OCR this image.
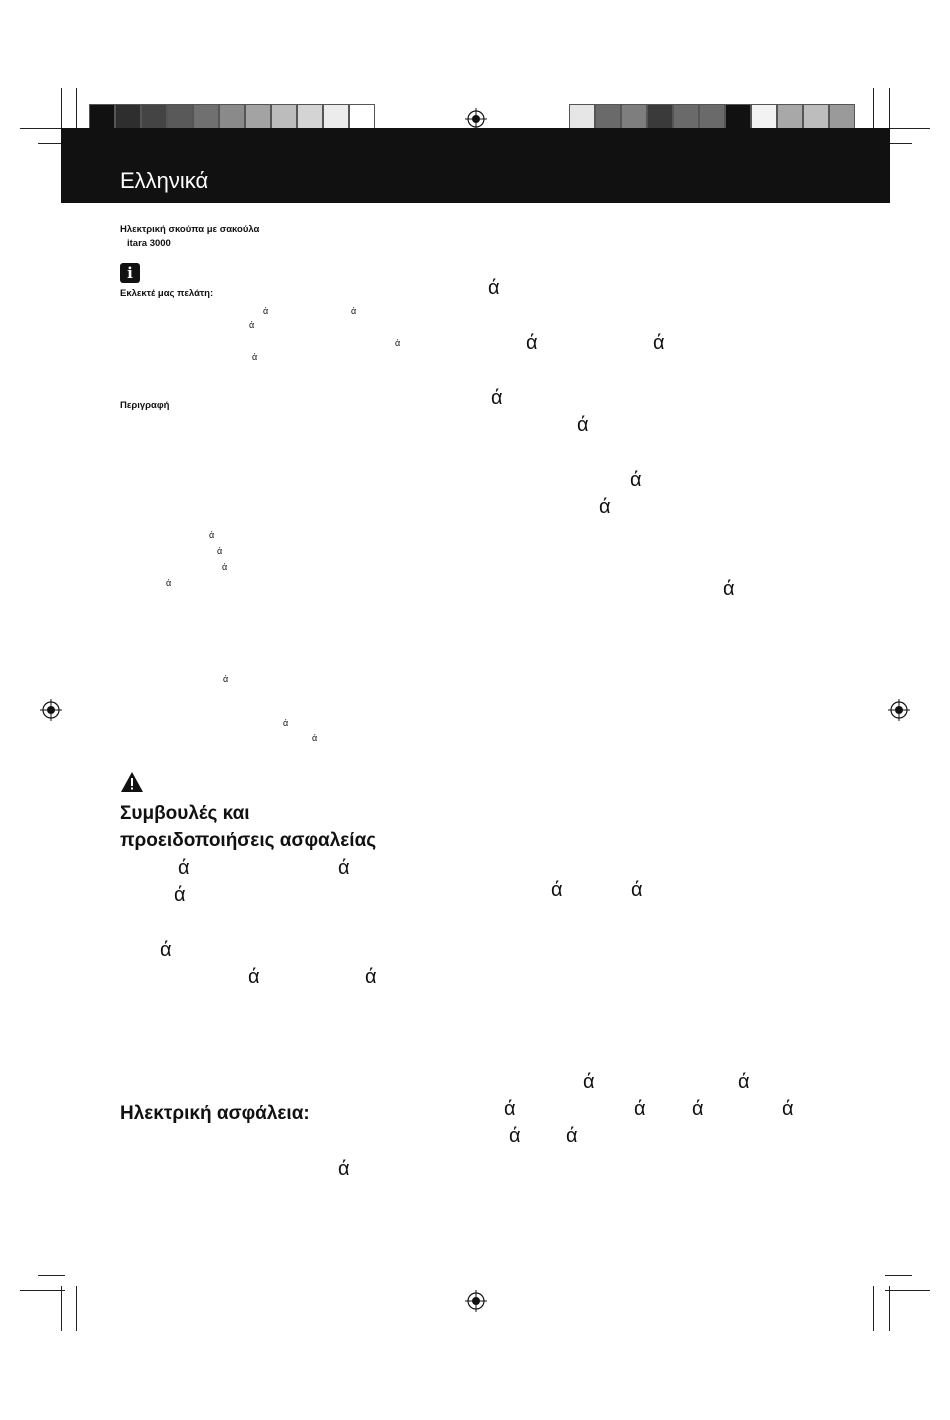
Ελληνικά
Ηλεκτρική σκούπα με σακούλα
itara 3000
i
Εκλεκτέ μας πελάτη:
Περιγραφή
ά	ά
ά
ά
ά
ά
ά
ά
ά
ά
ά
ά
ά
ά	ά
ά
ά
ά
ά
ά
Συμβουλές και
προειδοποιήσεις ασφαλείας
ά	ά
ά
ά
ά	ά
ά	ά
Ηλεκτρική ασφάλεια:
ά
ά	ά
ά	ά ά	ά
ά ά
